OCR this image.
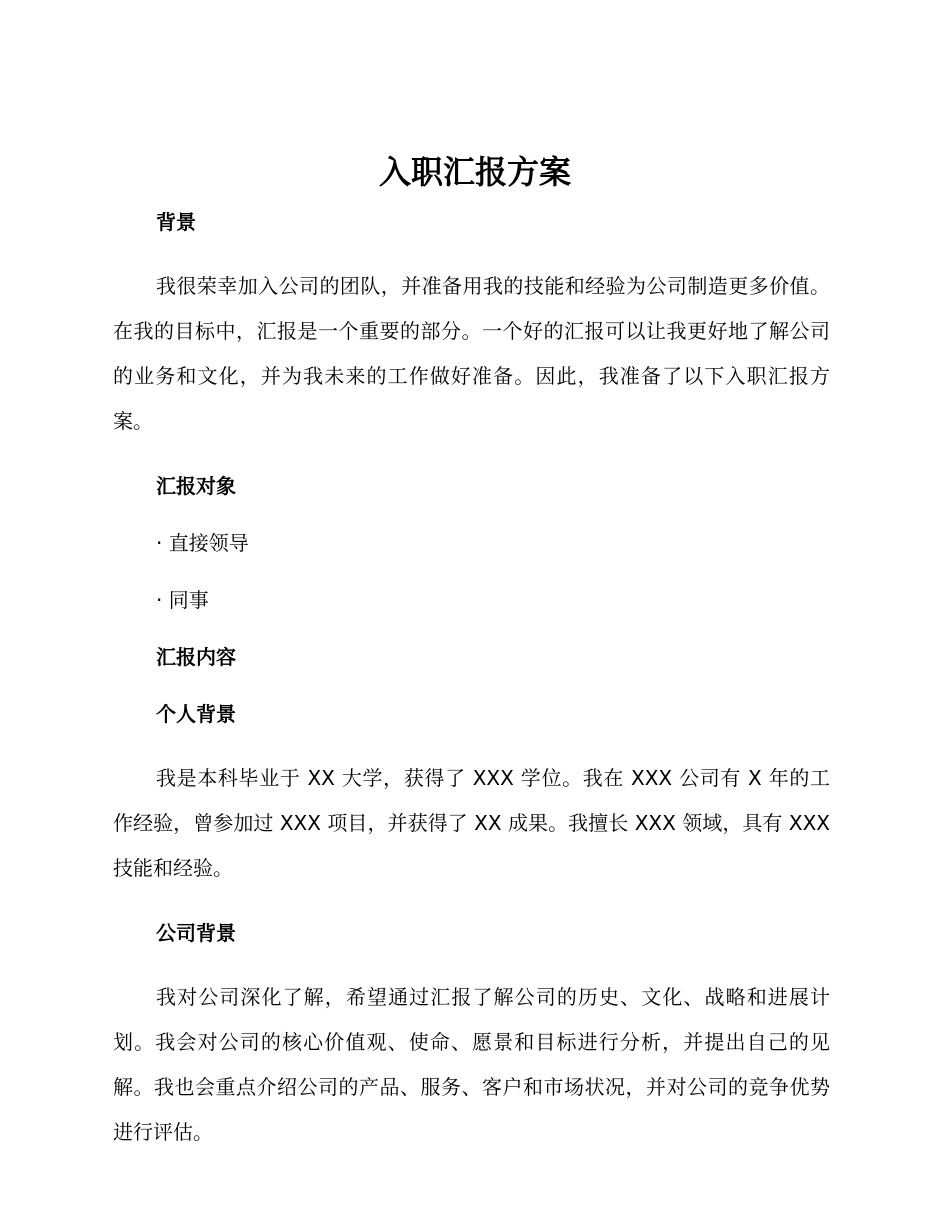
入职汇报方案

背景

我很荣幸加入公司的团队，并准备用我的技能和经验为公司制造更多价值。在我的目标中，汇报是一个重要的部分。一个好的汇报可以让我更好地了解公司的业务和文化，并为我未来的工作做好准备。因此，我准备了以下入职汇报方案。

汇报对象

· 直接领导

· 同事

汇报内容

个人背景

我是本科毕业于 XX 大学，获得了 XXX 学位。我在 XXX 公司有 X 年的工作经验，曾参加过 XXX 项目，并获得了 XX 成果。我擅长 XXX 领域，具有 XXX 技能和经验。

公司背景

我对公司深化了解，希望通过汇报了解公司的历史、文化、战略和进展计划。我会对公司的核心价值观、使命、愿景和目标进行分析，并提出自己的见解。我也会重点介绍公司的产品、服务、客户和市场状况，并对公司的竞争优势进行评估。
